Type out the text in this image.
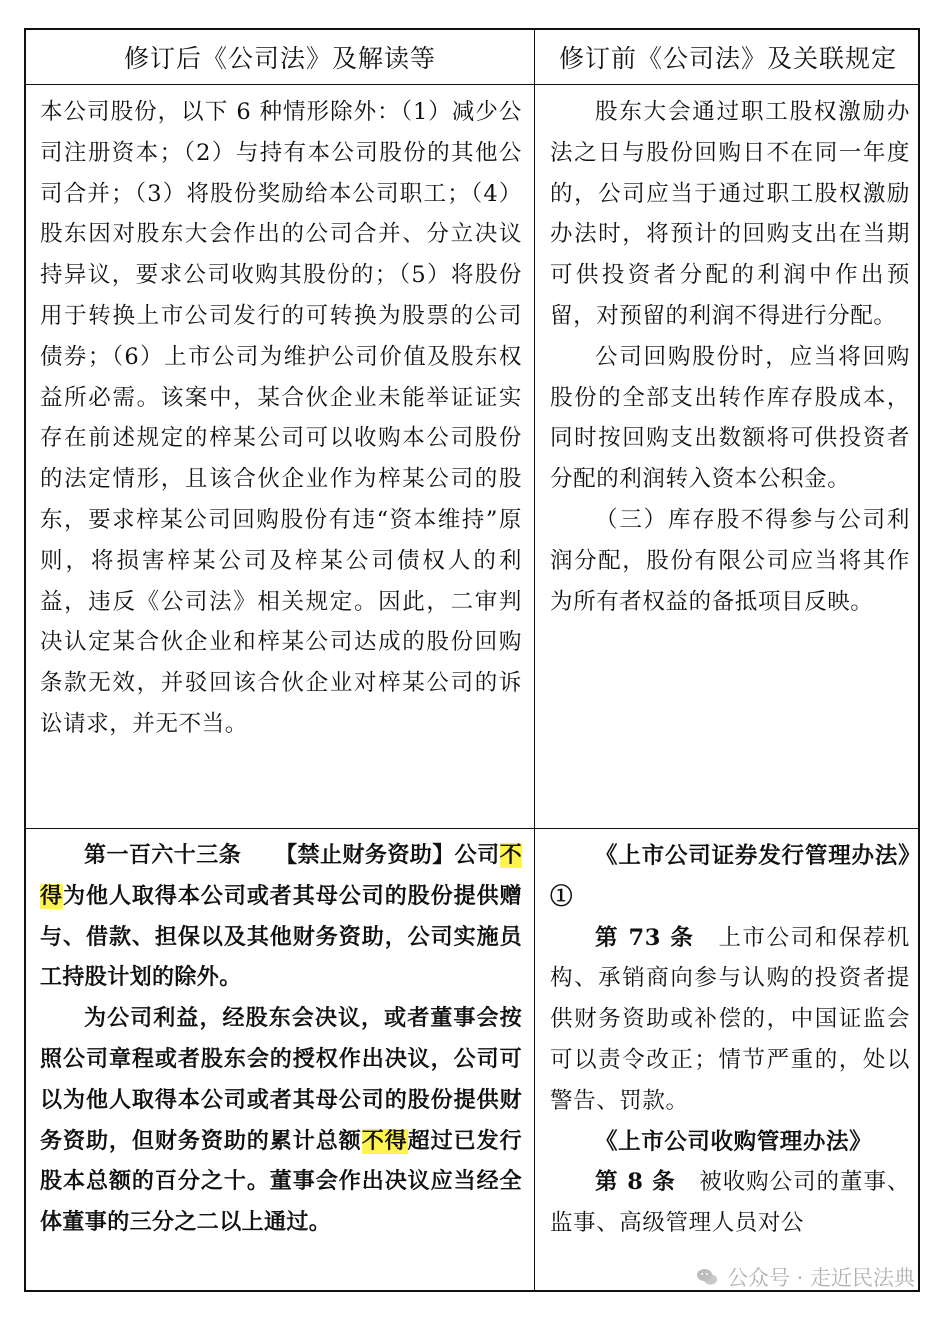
修订后《公司法》及解读等	修订前《公司法》及关联规定

本公司股份，以下 6 种情形除外：（1）减少公司注册资本；（2）与持有本公司股份的其他公司合并；（3）将股份奖励给本公司职工；（4）股东因对股东大会作出的公司合并、分立决议持异议，要求公司收购其股份的；（5）将股份用于转换上市公司发行的可转换为股票的公司债券；（6）上市公司为维护公司价值及股东权益所必需。该案中，某合伙企业未能举证证实存在前述规定的梓某公司可以收购本公司股份的法定情形，且该合伙企业作为梓某公司的股东，要求梓某公司回购股份有违“资本维持”原则，将损害梓某公司及梓某公司债权人的利益，违反《公司法》相关规定。因此，二审判决认定某合伙企业和梓某公司达成的股份回购条款无效，并驳回该合伙企业对梓某公司的诉讼请求，并无不当。

股东大会通过职工股权激励办法之日与股份回购日不在同一年度的，公司应当于通过职工股权激励办法时，将预计的回购支出在当期可供投资者分配的利润中作出预留，对预留的利润不得进行分配。

公司回购股份时，应当将回购股份的全部支出转作库存股成本，同时按回购支出数额将可供投资者分配的利润转入资本公积金。

（三）库存股不得参与公司利润分配，股份有限公司应当将其作为所有者权益的备抵项目反映。

第一百六十三条　　 【禁止财务资助】公司不得为他人取得本公司或者其母公司的股份提供赠与、借款、担保以及其他财务资助，公司实施员工持股计划的除外。

为公司利益，经股东会决议，或者董事会按照公司章程或者股东会的授权作出决议，公司可以为他人取得本公司或者其母公司的股份提供财务资助，但财务资助的累计总额不得超过已发行股本总额的百分之十。董事会作出决议应当经全体董事的三分之二以上通过。

《上市公司证券发行管理办法》①

第 73 条　 上市公司和保荐机构、承销商向参与认购的投资者提供财务资助或补偿的，中国证监会可以责令改正；情节严重的，处以警告、罚款。

《上市公司收购管理办法》

第 8 条　 被收购公司的董事、监事、高级管理人员对公

公众号 · 走近民法典
